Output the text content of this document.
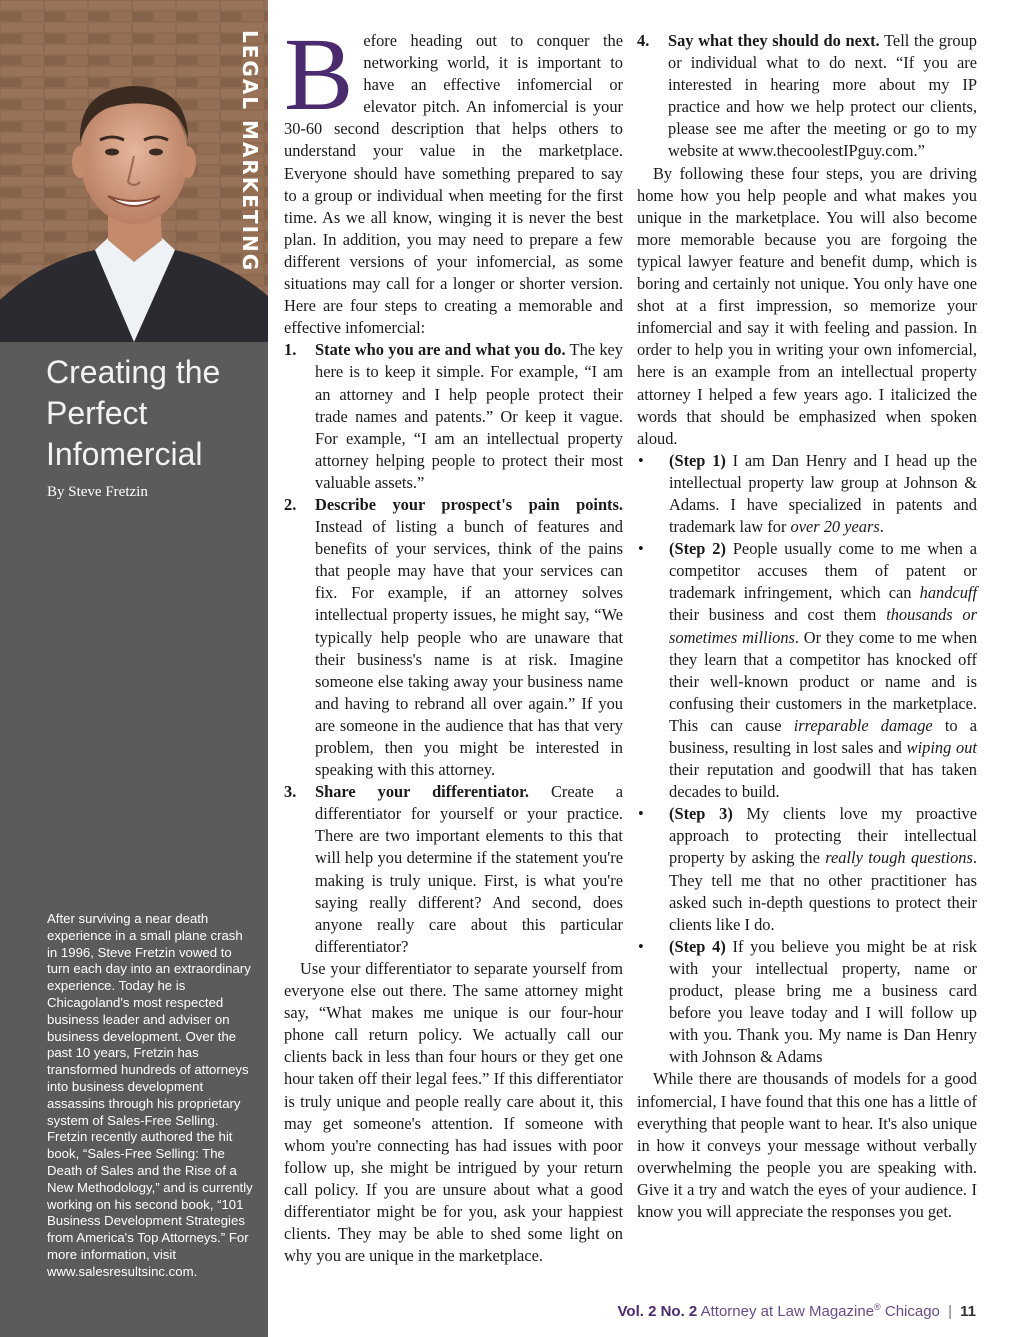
LEGAL MARKETING
Creating the Perfect Infomercial
By Steve Fretzin

After surviving a near death experience in a small plane crash in 1996, Steve Fretzin vowed to turn each day into an extraordinary experience. Today he is Chicagoland's most respected business leader and adviser on business development. Over the past 10 years, Fretzin has transformed hundreds of attorneys into business development assassins through his proprietary system of Sales-Free Selling. Fretzin recently authored the hit book, “Sales-Free Selling: The Death of Sales and the Rise of a New Methodology,” and is currently working on his second book, “101 Business Development Strategies from America's Top Attorneys.” For more information, visit www.salesresultsinc.com.

Before heading out to conquer the networking world, it is important to have an effective infomercial or elevator pitch. An infomercial is your 30-60 second description that helps others to understand your value in the marketplace. Everyone should have something prepared to say to a group or individual when meeting for the first time. As we all know, winging it is never the best plan. In addition, you may need to prepare a few different versions of your infomercial, as some situations may call for a longer or shorter version. Here are four steps to creating a memorable and effective infomercial:

1. State who you are and what you do. The key here is to keep it simple. For example, “I am an attorney and I help people protect their trade names and patents.” Or keep it vague. For example, “I am an intellectual property attorney helping people to protect their most valuable assets.”
2. Describe your prospect's pain points. Instead of listing a bunch of features and benefits of your services, think of the pains that people may have that your services can fix. For example, if an attorney solves intellectual property issues, he might say, “We typically help people who are unaware that their business's name is at risk. Imagine someone else taking away your business name and having to rebrand all over again.” If you are someone in the audience that has that very problem, then you might be interested in speaking with this attorney.
3. Share your differentiator. Create a differentiator for yourself or your practice. There are two important elements to this that will help you determine if the statement you're making is truly unique. First, is what you're saying really different? And second, does anyone really care about this particular differentiator?

Use your differentiator to separate yourself from everyone else out there. The same attorney might say, “What makes me unique is our four-hour phone call return policy. We actually call our clients back in less than four hours or they get one hour taken off their legal fees.” If this differentiator is truly unique and people really care about it, this may get someone's attention. If someone with whom you're connecting has had issues with poor follow up, she might be intrigued by your return call policy. If you are unsure about what a good differentiator might be for you, ask your happiest clients. They may be able to shed some light on why you are unique in the marketplace.

4. Say what they should do next. Tell the group or individual what to do next. “If you are interested in hearing more about my IP practice and how we help protect our clients, please see me after the meeting or go to my website at www.thecoolestIPguy.com.”

By following these four steps, you are driving home how you help people and what makes you unique in the marketplace. You will also become more memorable because you are forgoing the typical lawyer feature and benefit dump, which is boring and certainly not unique. You only have one shot at a first impression, so memorize your infomercial and say it with feeling and passion. In order to help you in writing your own infomercial, here is an example from an intellectual property attorney I helped a few years ago. I italicized the words that should be emphasized when spoken aloud.

• (Step 1) I am Dan Henry and I head up the intellectual property law group at Johnson & Adams. I have specialized in patents and trademark law for over 20 years.
• (Step 2) People usually come to me when a competitor accuses them of patent or trademark infringement, which can handcuff their business and cost them thousands or sometimes millions. Or they come to me when they learn that a competitor has knocked off their well-known product or name and is confusing their customers in the marketplace. This can cause irreparable damage to a business, resulting in lost sales and wiping out their reputation and goodwill that has taken decades to build.
• (Step 3) My clients love my proactive approach to protecting their intellectual property by asking the really tough questions. They tell me that no other practitioner has asked such in-depth questions to protect their clients like I do.
• (Step 4) If you believe you might be at risk with your intellectual property, name or product, please bring me a business card before you leave today and I will follow up with you. Thank you. My name is Dan Henry with Johnson & Adams

While there are thousands of models for a good infomercial, I have found that this one has a little of everything that people want to hear. It's also unique in how it conveys your message without verbally overwhelming the people you are speaking with. Give it a try and watch the eyes of your audience. I know you will appreciate the responses you get.

Vol. 2 No. 2 Attorney at Law Magazine® Chicago | 11
